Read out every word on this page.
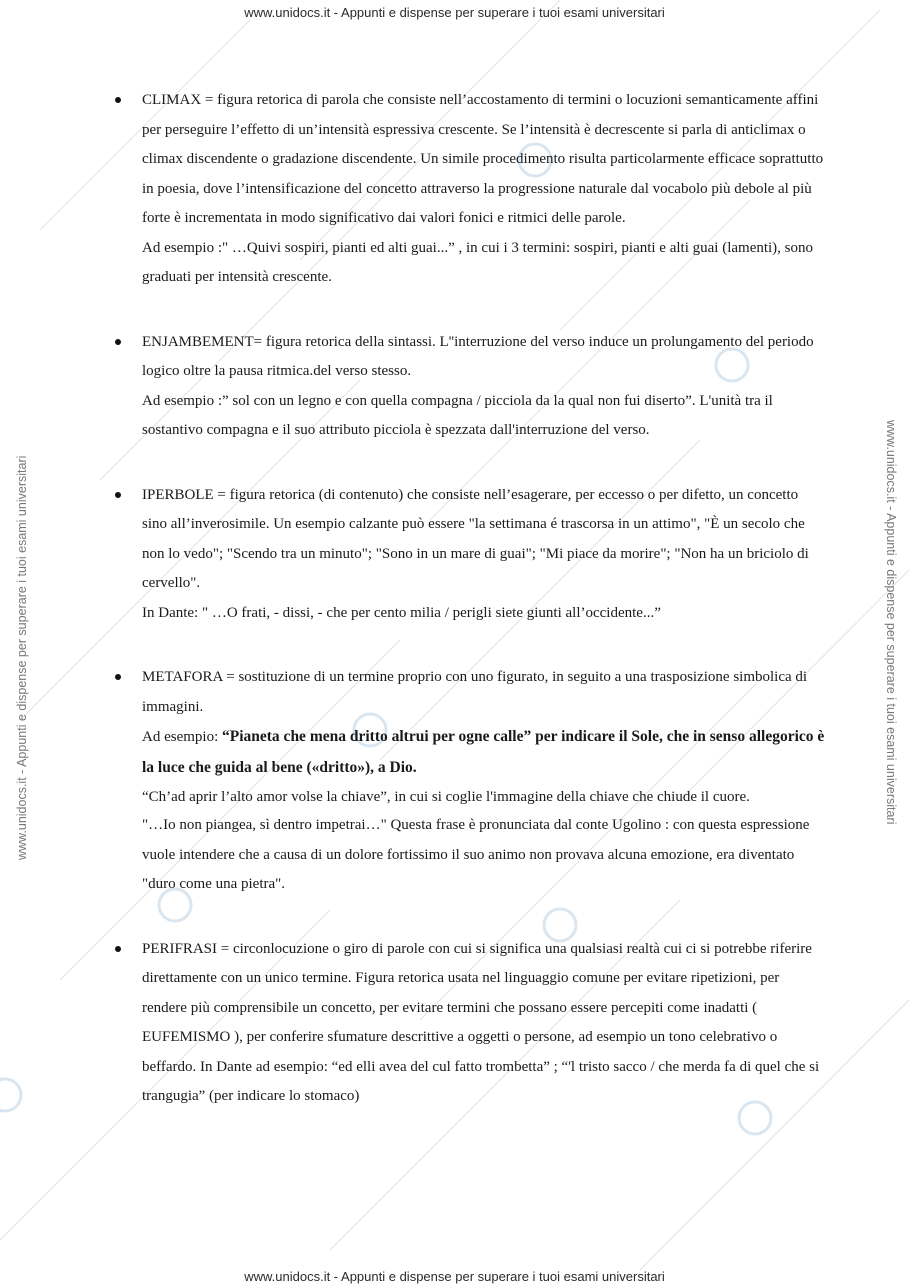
www.unidocs.it - Appunti e dispense per superare i tuoi esami universitari
www.unidocs.it - Appunti e dispense per superare i tuoi esami universitari	www.unidocs.it - Appunti e dispense per superare i tuoi esami universitari

CLIMAX = figura retorica di parola che consiste nell’accostamento di termini o locuzioni semanticamente affini per perseguire l’effetto di un’intensità espressiva crescente. Se l’intensità è decrescente si parla di anticlimax o climax discendente o gradazione discendente. Un simile procedimento risulta particolarmente efficace soprattutto in poesia, dove l’intensificazione del concetto attraverso la progressione naturale dal vocabolo più debole al più forte è incrementata in modo significativo dai valori fonici e ritmici delle parole.

Ad esempio :" …Quivi sospiri, pianti ed alti guai...” , in cui i 3 termini: sospiri, pianti e alti guai (lamenti), sono graduati per intensità crescente.

ENJAMBEMENT= figura retorica della sintassi. L''interruzione del verso induce un prolungamento del periodo logico oltre la pausa ritmica.del verso stesso.

Ad esempio :” sol con un legno e con quella compagna / picciola da la qual non fui diserto”. L'unità tra il sostantivo compagna e il suo attributo picciola è spezzata dall'interruzione del verso.

IPERBOLE = figura retorica (di contenuto) che consiste nell’esagerare, per eccesso o per difetto, un concetto sino all’inverosimile. Un esempio calzante può essere "la settimana é trascorsa in un attimo", "È un secolo che non lo vedo"; "Scendo tra un minuto"; "Sono in un mare di guai"; "Mi piace da morire"; "Non ha un briciolo di cervello".

In Dante: " …O frati, - dissi, - che per cento milia / perigli siete giunti all’occidente...”

METAFORA = sostituzione di un termine proprio con uno figurato, in seguito a una trasposizione simbolica di immagini.

Ad esempio: “Pianeta che mena dritto altrui per ogne calle” per indicare il Sole, che in senso allegorico è la luce che guida al bene («dritto»), a Dio.

“Ch’ad aprir l’alto amor volse la chiave”, in cui si coglie l'immagine della chiave che chiude il cuore.

"…Io non piangea, sì dentro impetrai…" Questa frase è pronunciata dal conte Ugolino : con questa espressione vuole intendere che a causa di un dolore fortissimo il suo animo non provava alcuna emozione, era diventato "duro come una pietra".

PERIFRASI = circonlocuzione o giro di parole con cui si significa una qualsiasi realtà cui ci si potrebbe riferire direttamente con un unico termine. Figura retorica usata nel linguaggio comune per evitare ripetizioni, per rendere più comprensibile un concetto, per evitare termini che possano essere percepiti come inadatti ( EUFEMISMO ), per conferire sfumature descrittive a oggetti o persone, ad esempio un tono celebrativo o beffardo. In Dante ad esempio: “ed elli avea del cul fatto trombetta” ; “'l tristo sacco / che merda fa di quel che si trangugia” (per indicare lo stomaco)

www.unidocs.it - Appunti e dispense per superare i tuoi esami universitari
